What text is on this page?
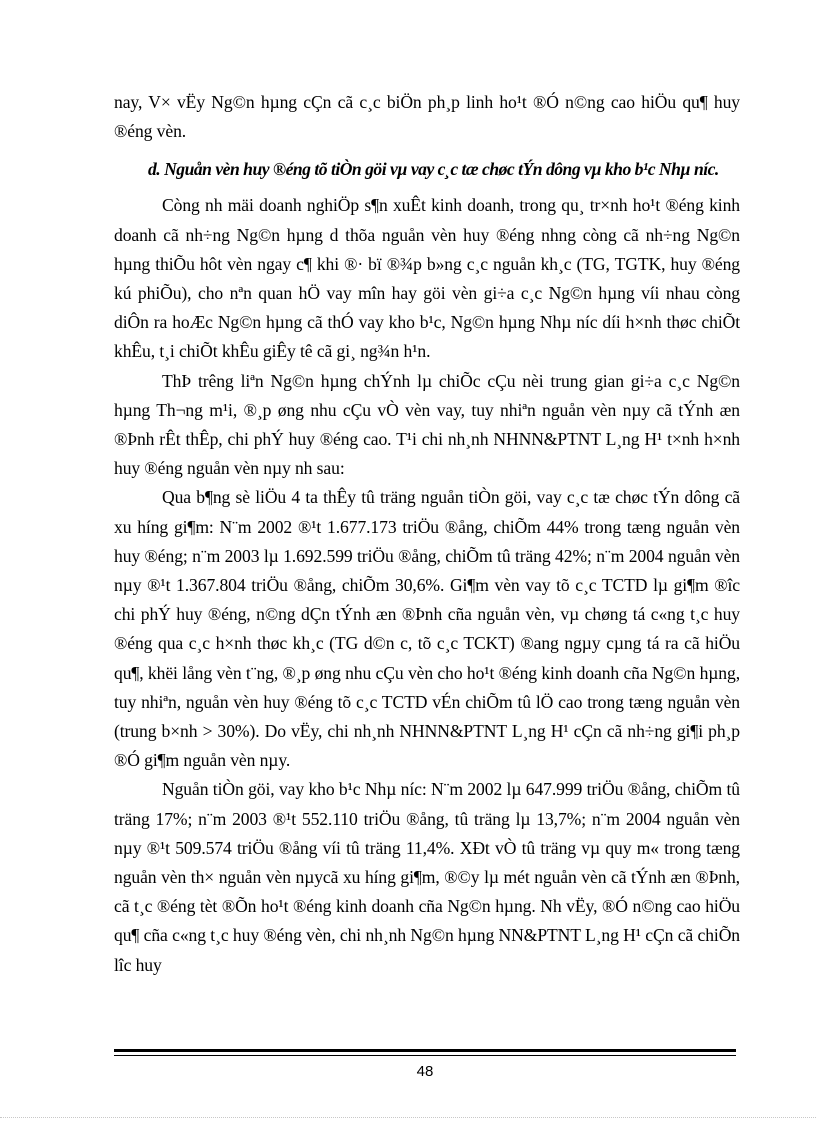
nay, V× vËy Ng©n hµng cÇn cã c¸c biÖn ph¸p linh ho¹t ®Ó n©ng cao hiÖu qu¶ huy ®éng vèn.

d. Nguån vèn huy ®éng tõ tiÒn göi vµ vay c¸c tæ chøc tÝn dông vµ kho b¹c Nhµ níc.

Còng nh mäi doanh nghiÖp s¶n xuÊt kinh doanh, trong qu¸ tr×nh ho¹t ®éng kinh doanh cã nh÷ng Ng©n hµng d thõa nguån vèn huy ®éng nhng còng cã nh÷ng Ng©n hµng thiÕu hôt vèn ngay c¶ khi ®· bï ®¾p b»ng c¸c nguån kh¸c (TG, TGTK, huy ®éng kú phiÕu), cho nªn quan hÖ vay mîn hay göi vèn gi÷a c¸c Ng©n hµng víi nhau còng diÔn ra hoÆc Ng©n hµng cã thÓ vay kho b¹c, Ng©n hµng Nhµ níc díi h×nh thøc chiÕt khÊu, t¸i chiÕt khÊu giÊy tê cã gi¸ ng¾n h¹n.

ThÞ trêng liªn Ng©n hµng chÝnh lµ chiÕc cÇu nèi trung gian gi÷a c¸c Ng©n hµng Th¬ng m¹i, ®¸p øng nhu cÇu vÒ vèn vay, tuy nhiªn nguån vèn nµy cã tÝnh æn ®Þnh rÊt thÊp, chi phÝ huy ®éng cao. T¹i chi nh¸nh NHNN&PTNT L¸ng H¹ t×nh h×nh huy ®éng nguån vèn nµy nh sau:

Qua b¶ng sè liÖu 4 ta thÊy tû träng nguån tiÒn göi, vay c¸c tæ chøc tÝn dông cã xu híng gi¶m: N¨m 2002 ®¹t 1.677.173 triÖu ®ång, chiÕm 44% trong tæng nguån vèn huy ®éng; n¨m 2003 lµ 1.692.599 triÖu ®ång, chiÕm tû träng 42%; n¨m 2004 nguån vèn nµy ®¹t 1.367.804 triÖu ®ång, chiÕm 30,6%. Gi¶m vèn vay tõ c¸c TCTD lµ gi¶m ®îc chi phÝ huy ®éng, n©ng dÇn tÝnh æn ®Þnh cña nguån vèn, vµ chøng tá c«ng t¸c huy ®éng qua c¸c h×nh thøc kh¸c (TG d©n c, tõ c¸c TCKT) ®ang ngµy cµng tá ra cã hiÖu qu¶, khëi lång vèn t¨ng, ®¸p øng nhu cÇu vèn cho ho¹t ®éng kinh doanh cña Ng©n hµng, tuy nhiªn, nguån vèn huy ®éng tõ c¸c TCTD vÉn chiÕm tû lÖ cao trong tæng nguån vèn (trung b×nh > 30%). Do vËy, chi nh¸nh NHNN&PTNT L¸ng H¹ cÇn cã nh÷ng gi¶i ph¸p ®Ó gi¶m nguån vèn nµy.

Nguån tiÒn göi, vay kho b¹c Nhµ níc: N¨m 2002 lµ 647.999 triÖu ®ång, chiÕm tû träng 17%; n¨m 2003 ®¹t 552.110 triÖu ®ång, tû träng lµ 13,7%; n¨m 2004 nguån vèn nµy ®¹t 509.574 triÖu ®ång víi tû träng 11,4%. XÐt vÒ tû träng vµ quy m« trong tæng nguån vèn th× nguån vèn nµycã xu híng gi¶m, ®©y lµ mét nguån vèn cã tÝnh æn ®Þnh, cã t¸c ®éng tèt ®Õn ho¹t ®éng kinh doanh cña Ng©n hµng. Nh vËy, ®Ó n©ng cao hiÖu qu¶ cña c«ng t¸c huy ®éng vèn, chi nh¸nh Ng©n hµng NN&PTNT L¸ng H¹ cÇn cã chiÕn lîc huy

48
